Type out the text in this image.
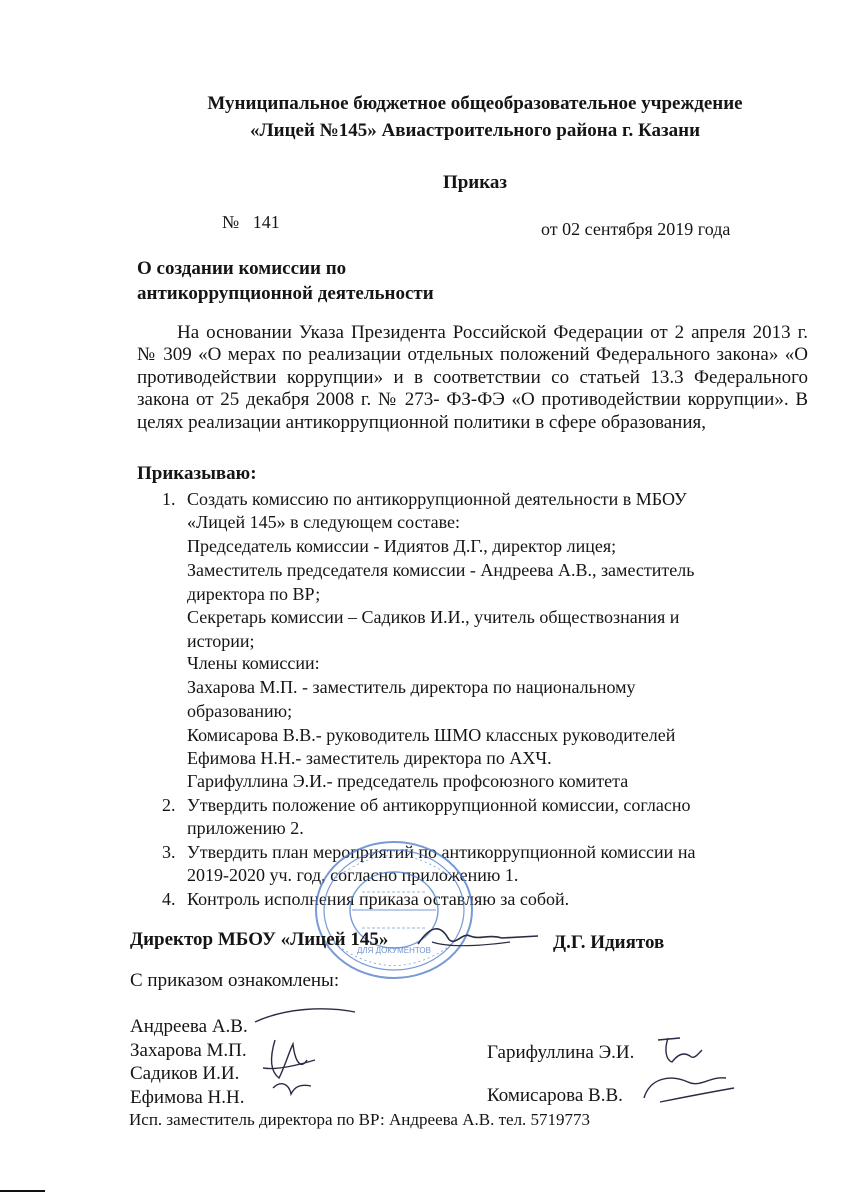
Муниципальное бюджетное общеобразовательное учреждение
«Лицей №145» Авиастроительного района г. Казани
Приказ
№ 141	от 02 сентября 2019 года
О создании комиссии по
антикоррупционной деятельности

На основании Указа Президента Российской Федерации от 2 апреля 2013 г. № 309 «О мерах по реализации отдельных положений Федерального закона» «О противодействии коррупции» и в соответствии со статьей 13.3 Федерального закона от 25 декабря 2008 г. № 273- ФЗ-ФЭ «О противодействии коррупции». В целях реализации антикоррупционной политики в сфере образования,

Приказываю:
1. Создать комиссию по антикоррупционной деятельности в МБОУ
«Лицей 145» в следующем составе:
Председатель комиссии - Идиятов Д.Г., директор лицея;
Заместитель председателя комиссии - Андреева А.В., заместитель
директора по ВР;
Секретарь комиссии – Садиков И.И., учитель обществознания и
истории;
Члены комиссии:
Захарова М.П. - заместитель директора по национальному
образованию;
Комисарова В.В.- руководитель ШМО классных руководителей
Ефимова Н.Н.- заместитель директора по АХЧ.
Гарифуллина Э.И.- председатель профсоюзного комитета
2. Утвердить положение об антикоррупционной комиссии, согласно
приложению 2.
3. Утвердить план мероприятий по антикоррупционной комиссии на
2019-2020 уч. год, согласно приложению 1.
4. Контроль исполнения приказа оставляю за собой.
ДЛЯ ДОКУМЕНТОВ
Директор МБОУ «Лицей 145»	Д.Г. Идиятов
С приказом ознакомлены:
Андреева А.В.
Захарова М.П.
Садиков И.И.
Ефимова Н.Н.
Гарифуллина Э.И.
Комисарова В.В.
Исп. заместитель директора по ВР: Андреева А.В. тел. 5719773
